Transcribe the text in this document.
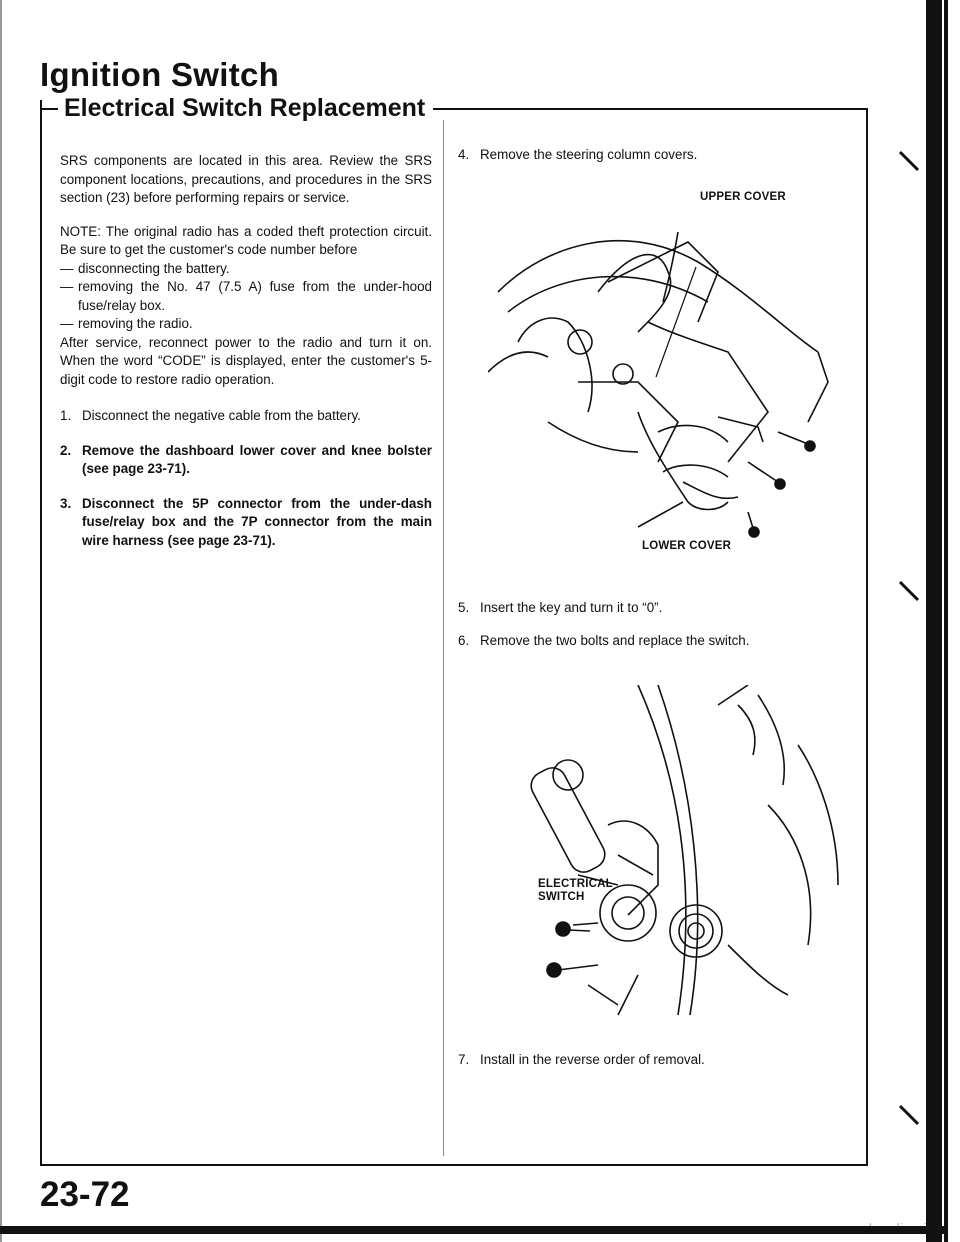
Ignition Switch
Electrical Switch Replacement

SRS components are located in this area. Review the SRS component locations, precautions, and procedures in the SRS section (23) before performing repairs or service.

NOTE: The original radio has a coded theft protection circuit. Be sure to get the customer's code number before
— disconnecting the battery.
— removing the No. 47 (7.5 A) fuse from the under-hood fuse/relay box.
— removing the radio.
After service, reconnect power to the radio and turn it on. When the word “CODE” is displayed, enter the customer's 5-digit code to restore radio operation.
1. Disconnect the negative cable from the battery.
2. Remove the dashboard lower cover and knee bolster (see page 23-71).
3. Disconnect the 5P connector from the under-dash fuse/relay box and the 7P connector from the main wire harness (see page 23-71).
4. Remove the steering column covers.
UPPER COVER
LOWER COVER
5. Insert the key and turn it to “0”.
6. Remove the two bolts and replace the switch.
ELECTRICAL
SWITCH
7. Install in the reverse order of removal.
23-72
